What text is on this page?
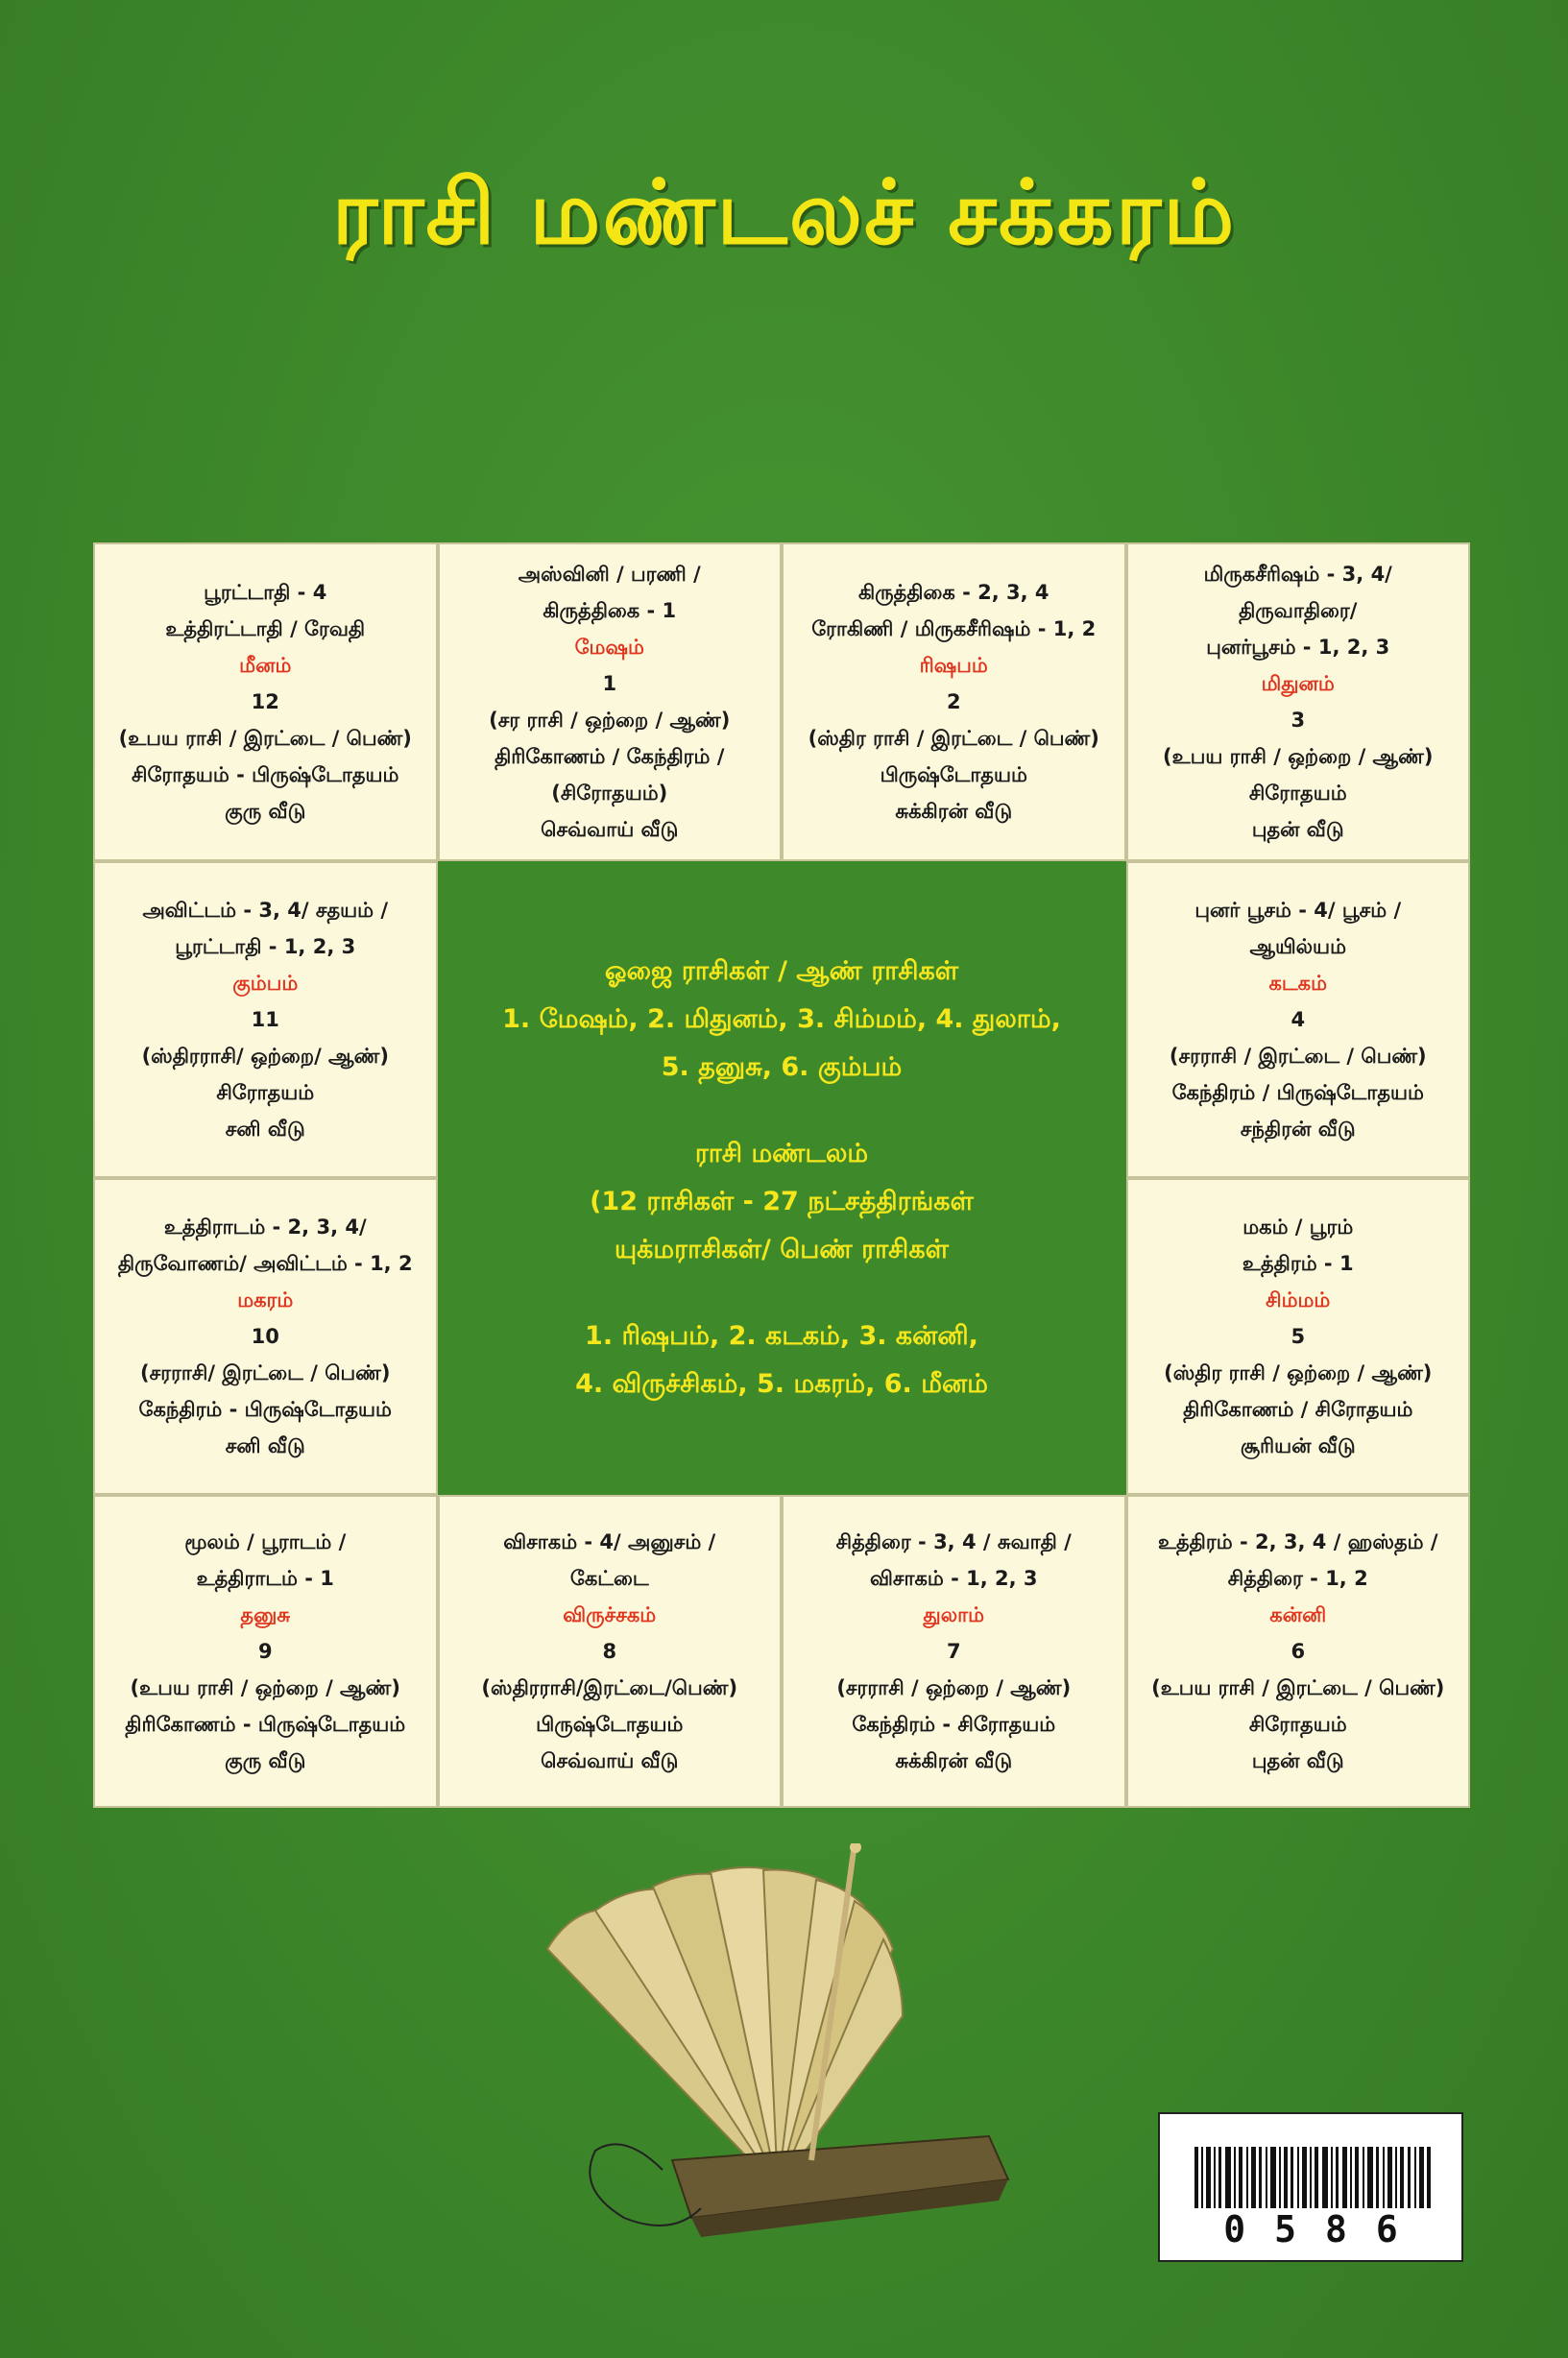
ராசி மண்டலச் சக்கரம்
ஓஜை ராசிகள் / ஆண் ராசிகள்
1. மேஷம், 2. மிதுனம், 3. சிம்மம், 4. துலாம்,
5. தனுசு, 6. கும்பம்
ராசி மண்டலம்
(12 ராசிகள் - 27 நட்சத்திரங்கள்
யுக்மராசிகள்/ பெண் ராசிகள்
1. ரிஷபம், 2. கடகம், 3. கன்னி,
4. விருச்சிகம், 5. மகரம், 6. மீனம்
பூரட்டாதி - 4
உத்திரட்டாதி / ரேவதி
மீனம்
12
(உபய ராசி / இரட்டை / பெண்)
சிரோதயம் - பிருஷ்டோதயம்
குரு வீடு
அஸ்வினி / பரணி /
கிருத்திகை - 1
மேஷம்
1
(சர ராசி / ஒற்றை / ஆண்)
திரிகோணம் / கேந்திரம் /
(சிரோதயம்)
செவ்வாய் வீடு
கிருத்திகை - 2, 3, 4
ரோகிணி / மிருகசீரிஷம் - 1, 2
ரிஷபம்
2
(ஸ்திர ராசி / இரட்டை / பெண்)
பிருஷ்டோதயம்
சுக்கிரன் வீடு
மிருகசீரிஷம் - 3, 4/
திருவாதிரை/
புனர்பூசம் - 1, 2, 3
மிதுனம்
3
(உபய ராசி / ஒற்றை / ஆண்)
சிரோதயம்
புதன் வீடு
அவிட்டம் - 3, 4/ சதயம் /
பூரட்டாதி - 1, 2, 3
கும்பம்
11
(ஸ்திரராசி/ ஒற்றை/ ஆண்)
சிரோதயம்
சனி வீடு
புனர் பூசம் - 4/ பூசம் /
ஆயில்யம்
கடகம்
4
(சரராசி / இரட்டை / பெண்)
கேந்திரம் / பிருஷ்டோதயம்
சந்திரன் வீடு
உத்திராடம் - 2, 3, 4/
திருவோணம்/ அவிட்டம் - 1, 2
மகரம்
10
(சரராசி/ இரட்டை / பெண்)
கேந்திரம் - பிருஷ்டோதயம்
சனி வீடு
மகம் / பூரம்
உத்திரம் - 1
சிம்மம்
5
(ஸ்திர ராசி / ஒற்றை / ஆண்)
திரிகோணம் / சிரோதயம்
சூரியன் வீடு
மூலம் / பூராடம் /
உத்திராடம் - 1
தனுசு
9
(உபய ராசி / ஒற்றை / ஆண்)
திரிகோணம் - பிருஷ்டோதயம்
குரு வீடு
விசாகம் - 4/ அனுசம் /
கேட்டை
விருச்சகம்
8
(ஸ்திரராசி/இரட்டை/பெண்)
பிருஷ்டோதயம்
செவ்வாய் வீடு
சித்திரை - 3, 4 / சுவாதி /
விசாகம் - 1, 2, 3
துலாம்
7
(சரராசி / ஒற்றை / ஆண்)
கேந்திரம் - சிரோதயம்
சுக்கிரன் வீடு
உத்திரம் - 2, 3, 4 / ஹஸ்தம் /
சித்திரை - 1, 2
கன்னி
6
(உபய ராசி / இரட்டை / பெண்)
சிரோதயம்
புதன் வீடு
0586
